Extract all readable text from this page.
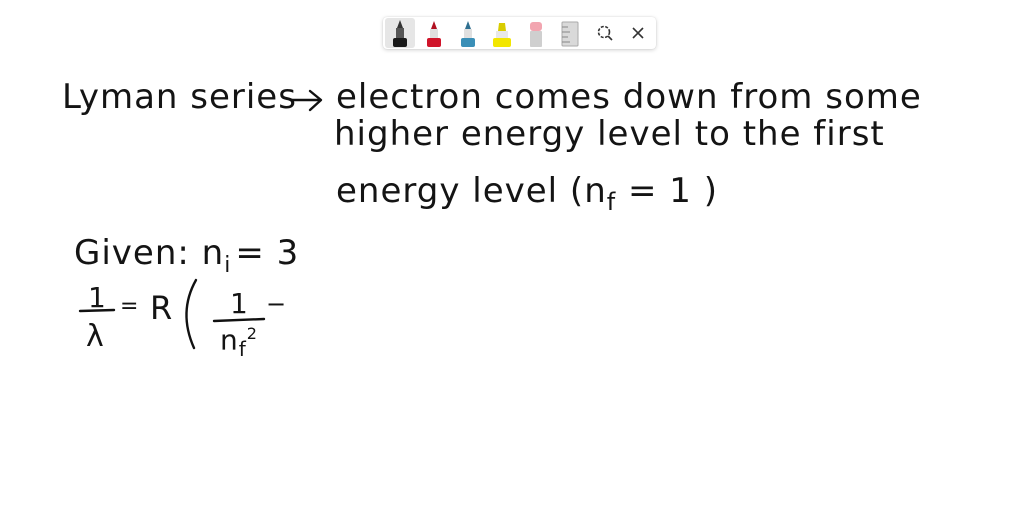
Lyman series electron comes down from some

higher energy level to the first

energy level ($n_f = 1$ )

Given: $n_i = 3$

1

λ

= R 1

$n_f^2$

−
